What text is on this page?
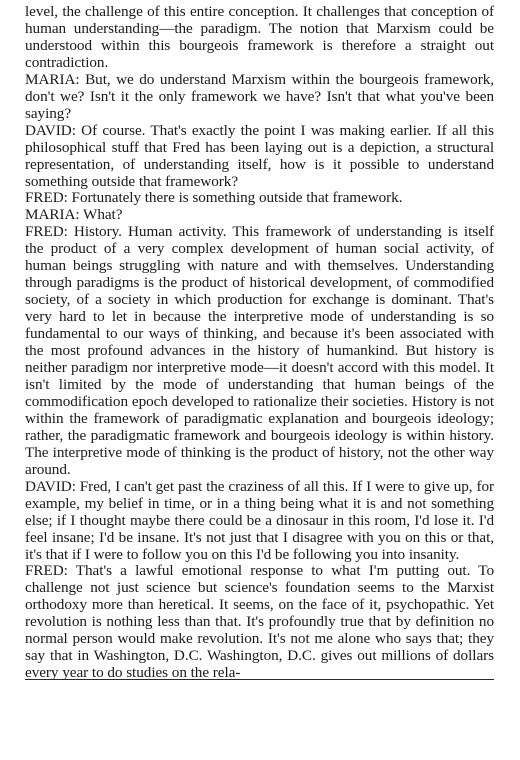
level, the challenge of this entire conception. It challenges that conception of human understanding—the paradigm. The notion that Marxism could be understood within this bourgeois framework is therefore a straight out contradiction.

MARIA: But, we do understand Marxism within the bourgeois framework, don't we? Isn't it the only framework we have? Isn't that what you've been saying?

DAVID: Of course. That's exactly the point I was making earlier. If all this philosophical stuff that Fred has been laying out is a depiction, a structural representation, of understanding itself, how is it possible to understand something outside that framework?

FRED: Fortunately there is something outside that framework.

MARIA: What?

FRED: History. Human activity. This framework of understanding is itself the product of a very complex development of human social activity, of human beings struggling with nature and with themselves. Understanding through paradigms is the product of historical development, of commodified society, of a society in which production for exchange is dominant. That's very hard to let in because the interpretive mode of understanding is so fundamental to our ways of thinking, and because it's been associated with the most profound advances in the history of humankind. But history is neither paradigm nor interpretive mode—it doesn't accord with this model. It isn't limited by the mode of understanding that human beings of the commodification epoch developed to rationalize their societies. History is not within the framework of paradigmatic explanation and bourgeois ideology; rather, the paradigmatic framework and bourgeois ideology is within history. The interpretive mode of thinking is the product of history, not the other way around.

DAVID: Fred, I can't get past the craziness of all this. If I were to give up, for example, my belief in time, or in a thing being what it is and not something else; if I thought maybe there could be a dinosaur in this room, I'd lose it. I'd feel insane; I'd be insane. It's not just that I disagree with you on this or that, it's that if I were to follow you on this I'd be following you into insanity.

FRED: That's a lawful emotional response to what I'm putting out. To challenge not just science but science's foundation seems to the Marxist orthodoxy more than heretical. It seems, on the face of it, psychopathic. Yet revolution is nothing less than that. It's profoundly true that by definition no normal person would make revolution. It's not me alone who says that; they say that in Washington, D.C. Washington, D.C. gives out millions of dollars every year to do studies on the rela-
